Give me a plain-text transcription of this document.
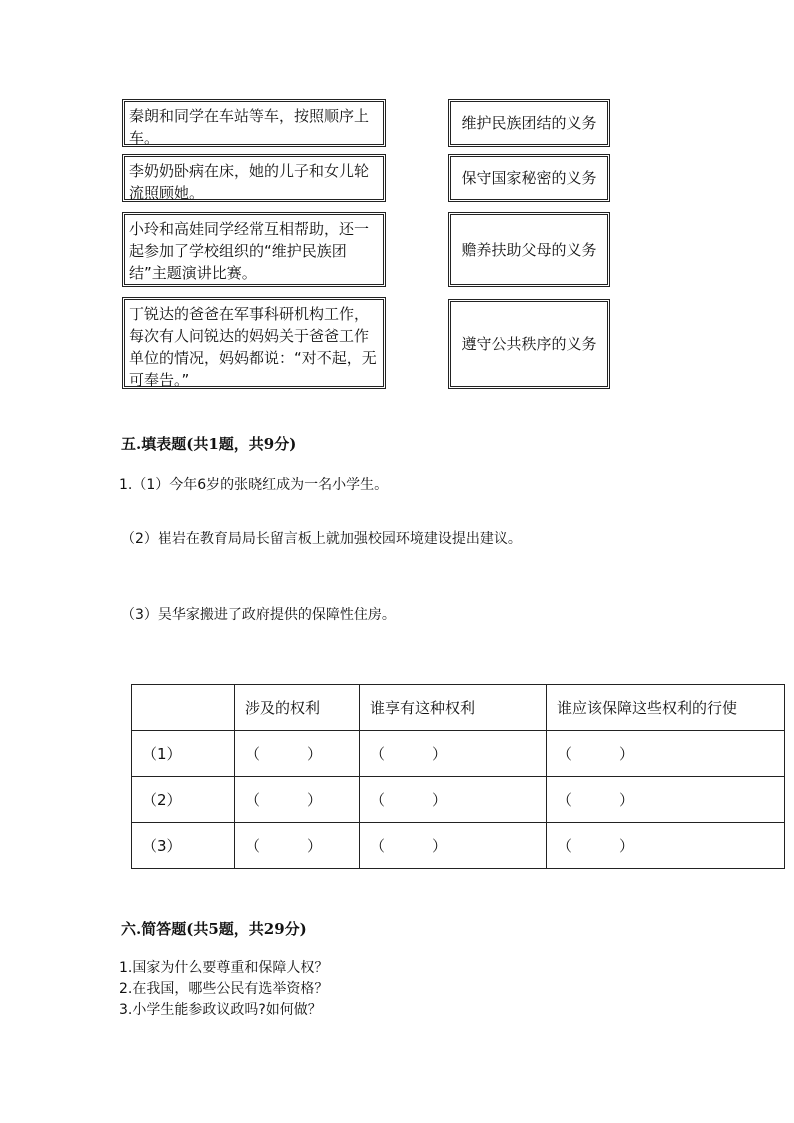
秦朗和同学在车站等车，按照顺序上车。
李奶奶卧病在床，她的儿子和女儿轮流照顾她。
小玲和高娃同学经常互相帮助，还一起参加了学校组织的“维护民族团结”主题演讲比赛。
丁锐达的爸爸在军事科研机构工作，每次有人问锐达的妈妈关于爸爸工作单位的情况，妈妈都说：“对不起，无可奉告。”
维护民族团结的义务
保守国家秘密的义务
赡养扶助父母的义务
遵守公共秩序的义务
五.填表题(共1题，共9分)
1.（1）今年6岁的张晓红成为一名小学生。
（2）崔岩在教育局局长留言板上就加强校园环境建设提出建议。
（3）吴华家搬进了政府提供的保障性住房。
	涉及的权利	谁享有这种权利	谁应该保障这些权利的行使
（1）	（ ）	（ ）	（ ）
（2）	（ ）	（ ）	（ ）
（3）	（ ）	（ ）	（ ）
六.简答题(共5题，共29分)
1.国家为什么要尊重和保障人权？
2.在我国，哪些公民有选举资格？
3.小学生能参政议政吗?如何做？
